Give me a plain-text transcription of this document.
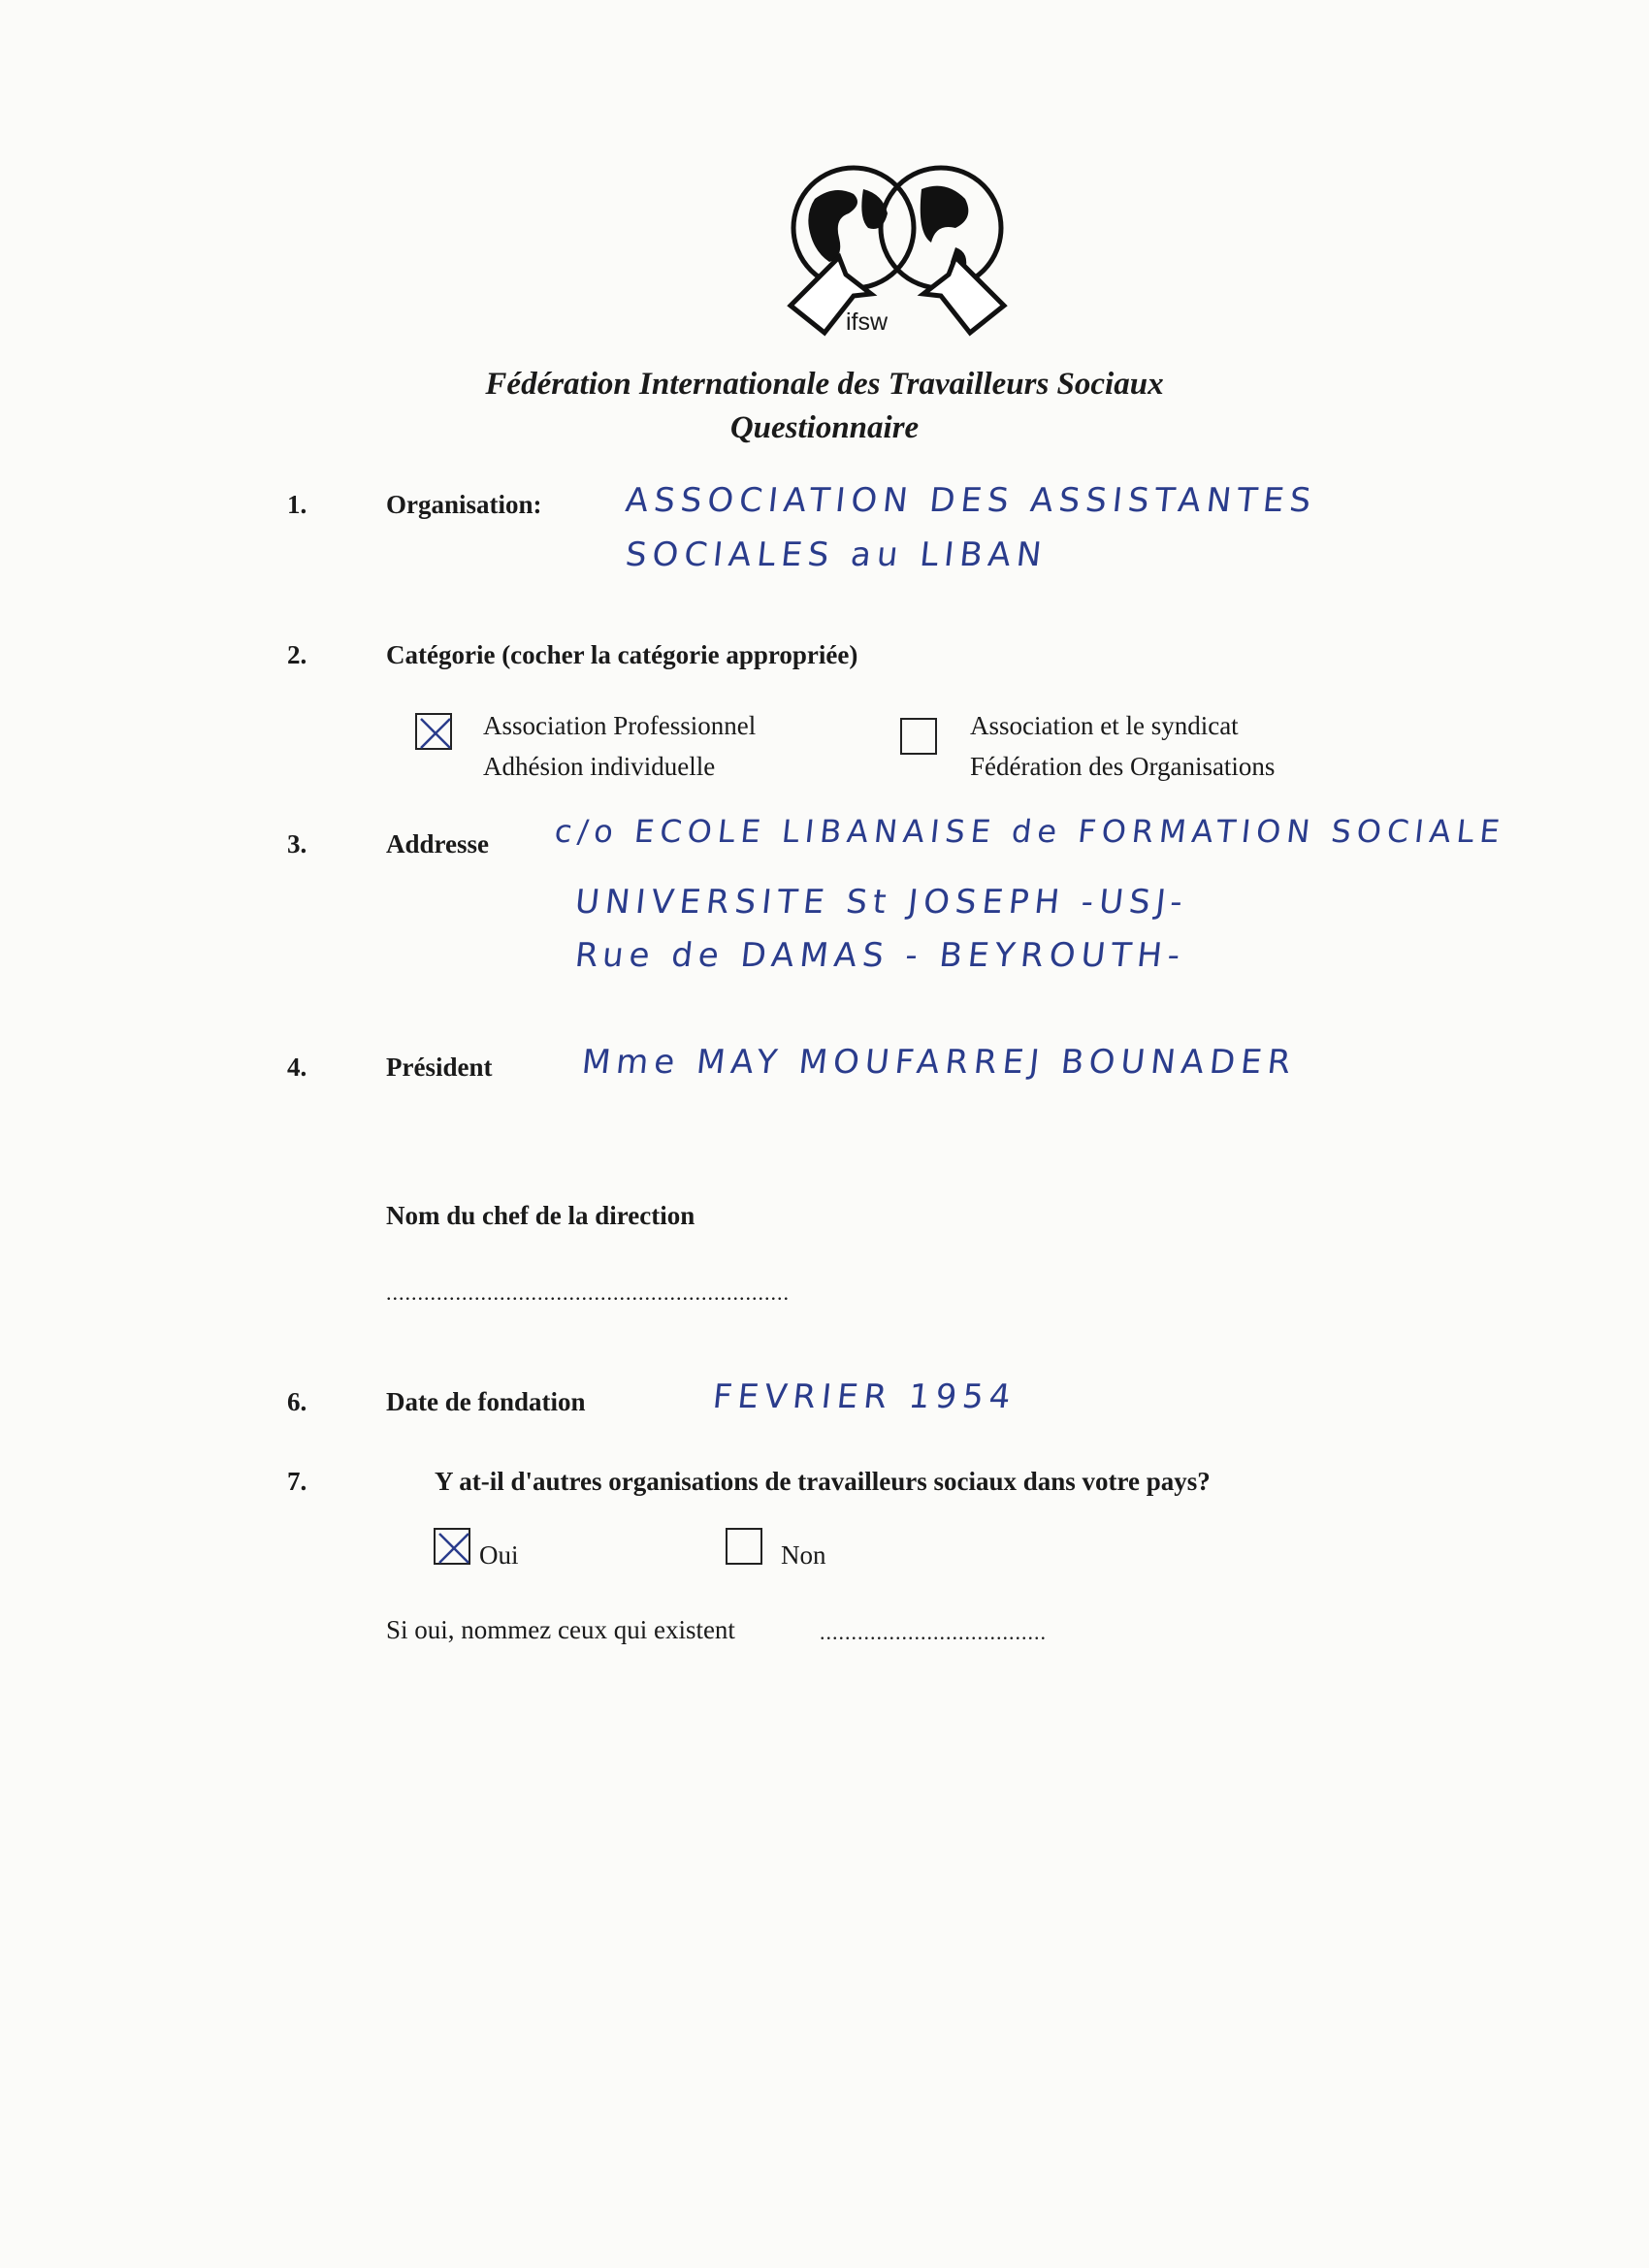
ifsw
Fédération Internationale des Travailleurs Sociaux
Questionnaire
1.	Organisation: ASSOCIATION DES ASSISTANTES
SOCIALES au LIBAN
2.	Catégorie (cocher la catégorie appropriée)
Association Professionnel
Adhésion individuelle
Association et le syndicat
Fédération des Organisations
3.	Addresse c/o ECOLE LIBANAISE de FORMATION SOCIALE
UNIVERSITE St JOSEPH -USJ-
Rue de DAMAS - BEYROUTH-
4.	Président	Mme MAY MOUFARREJ BOUNADER
Nom du chef de la direction
................................................................
6.	Date de fondation	FEVRIER 1954
7.	Y at-il d'autres organisations de travailleurs sociaux dans votre pays?
Oui	Non
Si oui, nommez ceux qui existent	....................................
